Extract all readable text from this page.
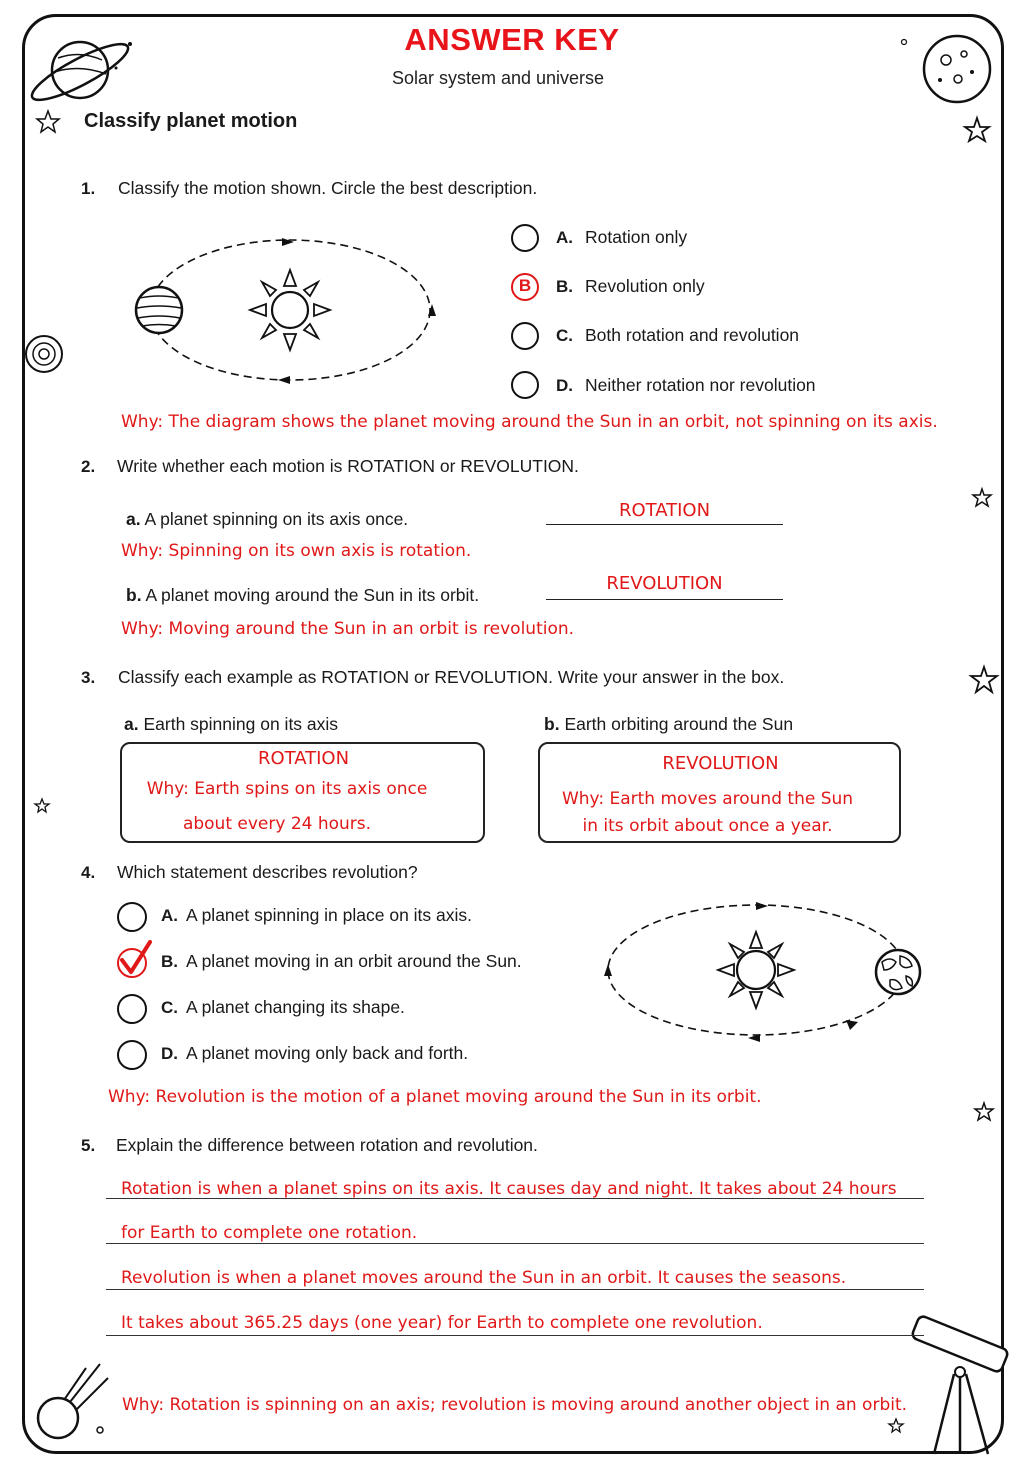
ANSWER KEY
Solar system and universe
Classify planet motion
1. Classify the motion shown. Circle the best description.
A. Rotation only
B	B. Revolution only
C. Both rotation and revolution
D. Neither rotation nor revolution
Why: The diagram shows the planet moving around the Sun in an orbit, not spinning on its axis.
2. Write whether each motion is ROTATION or REVOLUTION.
a. A planet spinning on its axis once.	ROTATION
Why: Spinning on its own axis is rotation.
b. A planet moving around the Sun in its orbit.
REVOLUTION
Why: Moving around the Sun in an orbit is revolution.
3. Classify each example as ROTATION or REVOLUTION. Write your answer in the box.
a. Earth spinning on its axis
ROTATION
Why: Earth spins on its axis once
about every 24 hours.
b. Earth orbiting around the Sun
REVOLUTION
Why: Earth moves around the Sun
in its orbit about once a year.
4. Which statement describes revolution?
A. A planet spinning in place on its axis.
B. A planet moving in an orbit around the Sun.
C. A planet changing its shape.
D. A planet moving only back and forth.
Why: Revolution is the motion of a planet moving around the Sun in its orbit.
5. Explain the difference between rotation and revolution.
Rotation is when a planet spins on its axis. It causes day and night. It takes about 24 hours
for Earth to complete one rotation.
Revolution is when a planet moves around the Sun in an orbit. It causes the seasons.
It takes about 365.25 days (one year) for Earth to complete one revolution.
Why: Rotation is spinning on an axis; revolution is moving around another object in an orbit.
